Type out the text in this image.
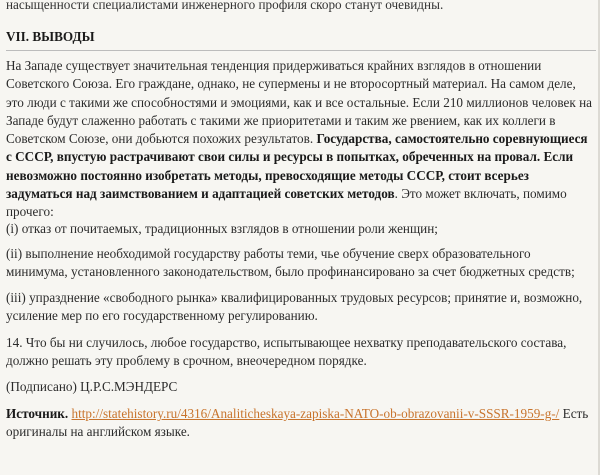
насыщенности специалистами инженерного профиля скоро станут очевидны.
VII. ВЫВОДЫ

На Западе существует значительная тенденция придерживаться крайних взглядов в отношении Советского Союза. Его граждане, однако, не супермены и не второсортный материал. На самом деле, это люди с такими же способностями и эмоциями, как и все остальные. Если 210 миллионов человек на Западе будут слаженно работать с такими же приоритетами и таким же рвением, как их коллеги в Советском Союзе, они добьются похожих результатов. Государства, самостоятельно соревнующиеся с СССР, впустую растрачивают свои силы и ресурсы в попытках, обреченных на провал. Если невозможно постоянно изобретать методы, превосходящие методы СССР, стоит всерьез задуматься над заимствованием и адаптацией советских методов. Это может включать, помимо прочего:

(i) отказ от почитаемых, традиционных взглядов в отношении роли женщин;

(ii) выполнение необходимой государству работы теми, чье обучение сверх образовательного минимума, установленного законодательством, было профинансировано за счет бюджетных средств;

(iii) упразднение «свободного рынка» квалифицированных трудовых ресурсов; принятие и, возможно, усиление мер по его государственному регулированию.

14. Что бы ни случилось, любое государство, испытывающее нехватку преподавательского состава, должно решать эту проблему в срочном, внеочередном порядке.

(Подписано) Ц.Р.С.МЭНДЕРС

Источник. http://statehistory.ru/4316/Analiticheskaya-zapiska-NATO-ob-obrazovanii-v-SSSR-1959-g-/ Есть оригиналы на английском языке.
